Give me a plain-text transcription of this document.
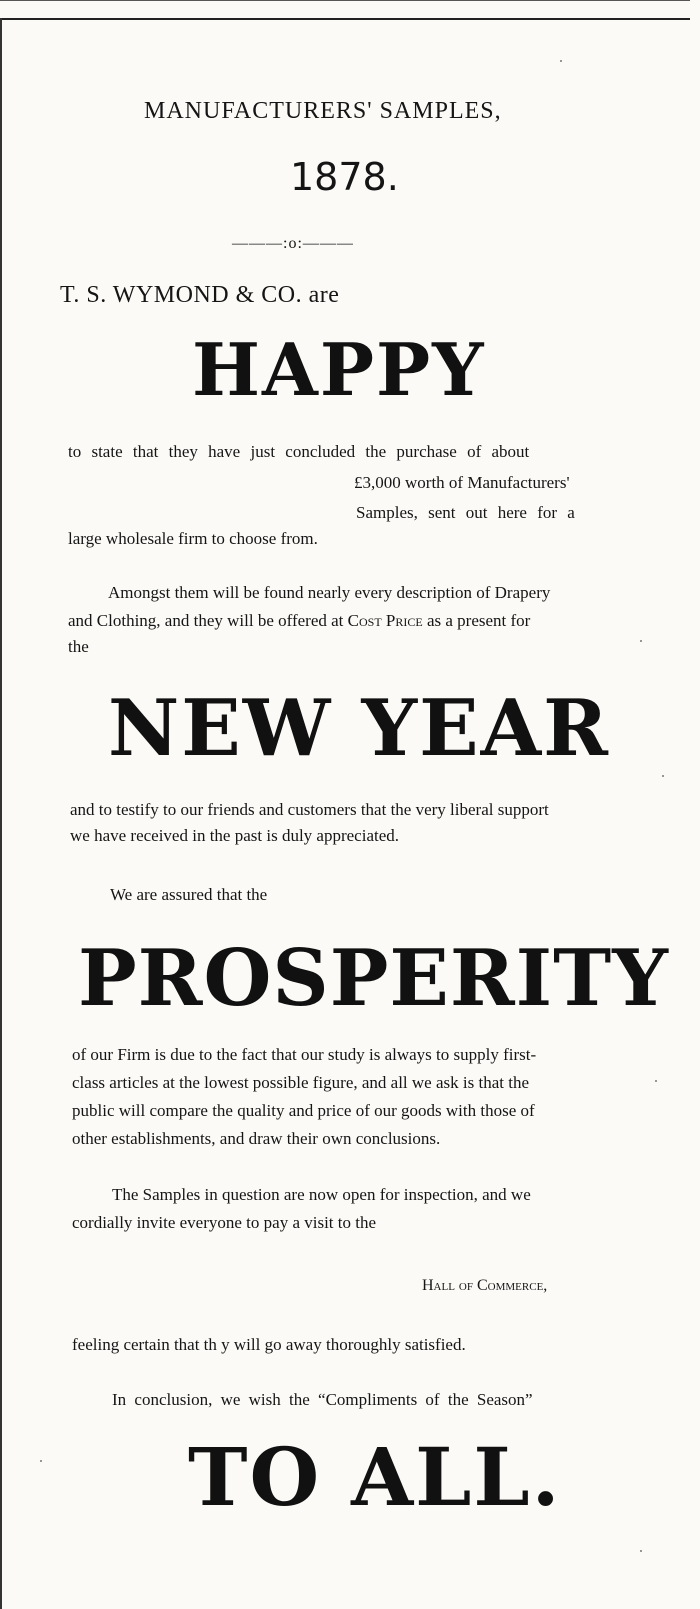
MANUFACTURERS' SAMPLES,
1878.
———:o:———
T. S. WYMOND & CO. are
HAPPY
to state that they have just concluded the purchase of about
£3,000 worth of Manufacturers'
Samples, sent out here for a
large wholesale firm to choose from.
Amongst them will be found nearly every description of Drapery
and Clothing, and they will be offered at Cost Price as a present for
the
NEW YEAR
and to testify to our friends and customers that the very liberal support
we have received in the past is duly appreciated.
We are assured that the
PROSPERITY
of our Firm is due to the fact that our study is always to supply first-
class articles at the lowest possible figure, and all we ask is that the
public will compare the quality and price of our goods with those of
other establishments, and draw their own conclusions.
The Samples in question are now open for inspection, and we
cordially invite everyone to pay a visit to the
Hall of Commerce,
feeling certain that th y will go away thoroughly satisfied.
In conclusion, we wish the “Compliments of the Season”
TO ALL.
